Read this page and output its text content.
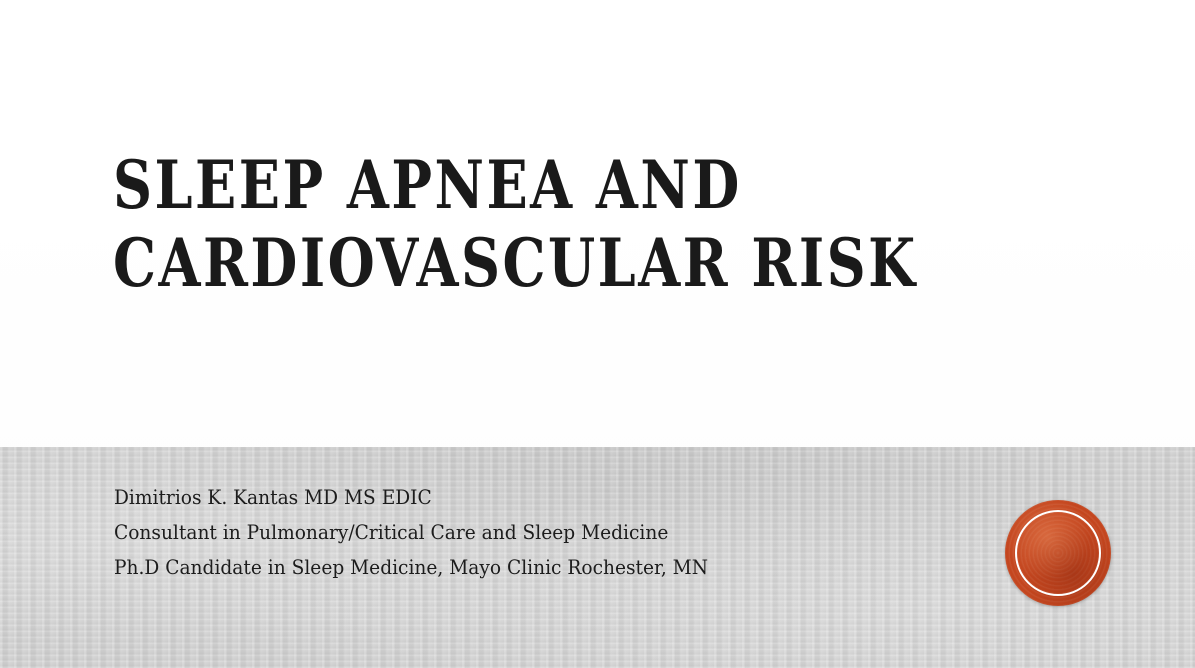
SLEEP APNEA AND
CARDIOVASCULAR RISK
Dimitrios K. Kantas MD MS EDIC
Consultant in Pulmonary/Critical Care and Sleep Medicine
Ph.D Candidate in Sleep Medicine, Mayo Clinic Rochester, MN
